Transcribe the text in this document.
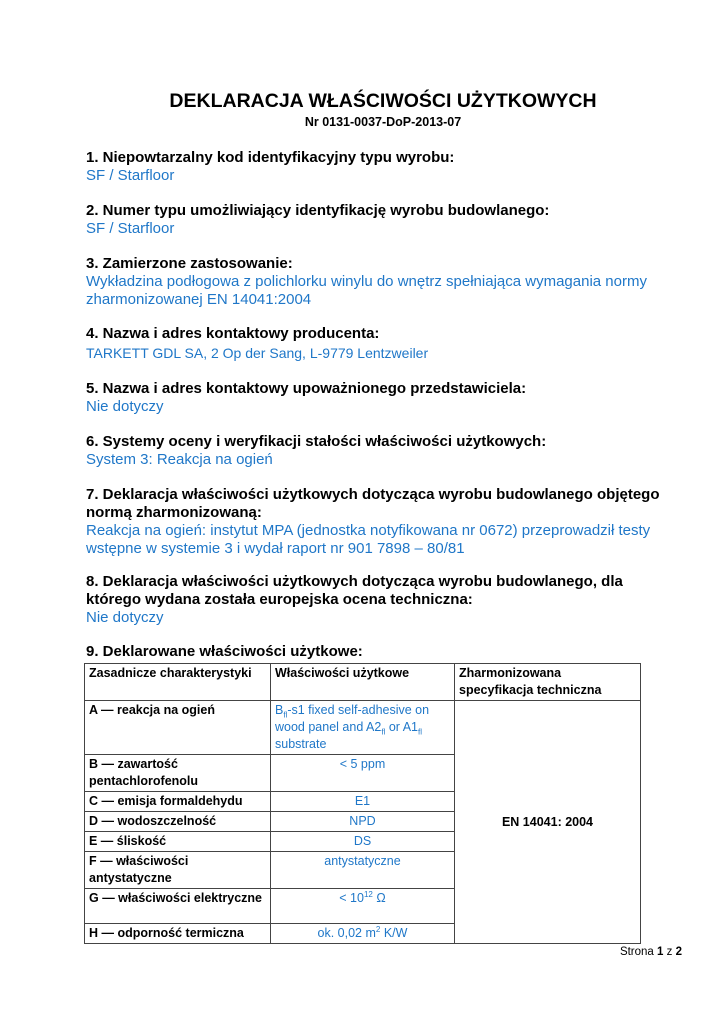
DEKLARACJA WŁAŚCIWOŚCI UŻYTKOWYCH
Nr 0131-0037-DoP-2013-07
1. Niepowtarzalny kod identyfikacyjny typu wyrobu:
SF / Starfloor
2. Numer typu umożliwiający identyfikację wyrobu budowlanego:
SF / Starfloor
3. Zamierzone zastosowanie:
Wykładzina podłogowa z polichlorku winylu do wnętrz spełniająca wymagania normy
zharmonizowanej EN 14041:2004
4. Nazwa i adres kontaktowy producenta:
TARKETT GDL SA, 2 Op der Sang, L-9779 Lentzweiler
5. Nazwa i adres kontaktowy upoważnionego przedstawiciela:
Nie dotyczy
6. Systemy oceny i weryfikacji stałości właściwości użytkowych:
System 3: Reakcja na ogień
7. Deklaracja właściwości użytkowych dotycząca wyrobu budowlanego objętego
normą zharmonizowaną:
Reakcja na ogień: instytut MPA (jednostka notyfikowana nr 0672) przeprowadził testy
wstępne w systemie 3 i wydał raport nr 901 7898 – 80/81
8. Deklaracja właściwości użytkowych dotycząca wyrobu budowlanego, dla
którego wydana została europejska ocena techniczna:
Nie dotyczy
9. Deklarowane właściwości użytkowe:
Zasadnicze charakterystyki	Właściwości użytkowe	Zharmonizowana specyfikacja techniczna
A — reakcja na ogień	$B_{fl}-s1$ fixed self-adhesive on wood panel and $A2_{fl}$ or $A1_{fl}$ substrate	EN 14041: 2004
B — zawartość pentachlorofenolu	< 5 ppm	
C — emisja formaldehydu	E1	
D — wodoszczelność	NPD	
E — śliskość	DS	
F — właściwości antystatyczne	antystatyczne	
G — właściwości elektryczne	< $10^{12}$ Ω	
H — odporność termiczna	ok. 0,02 $m^2$ K/W	
Strona 1 z 2
